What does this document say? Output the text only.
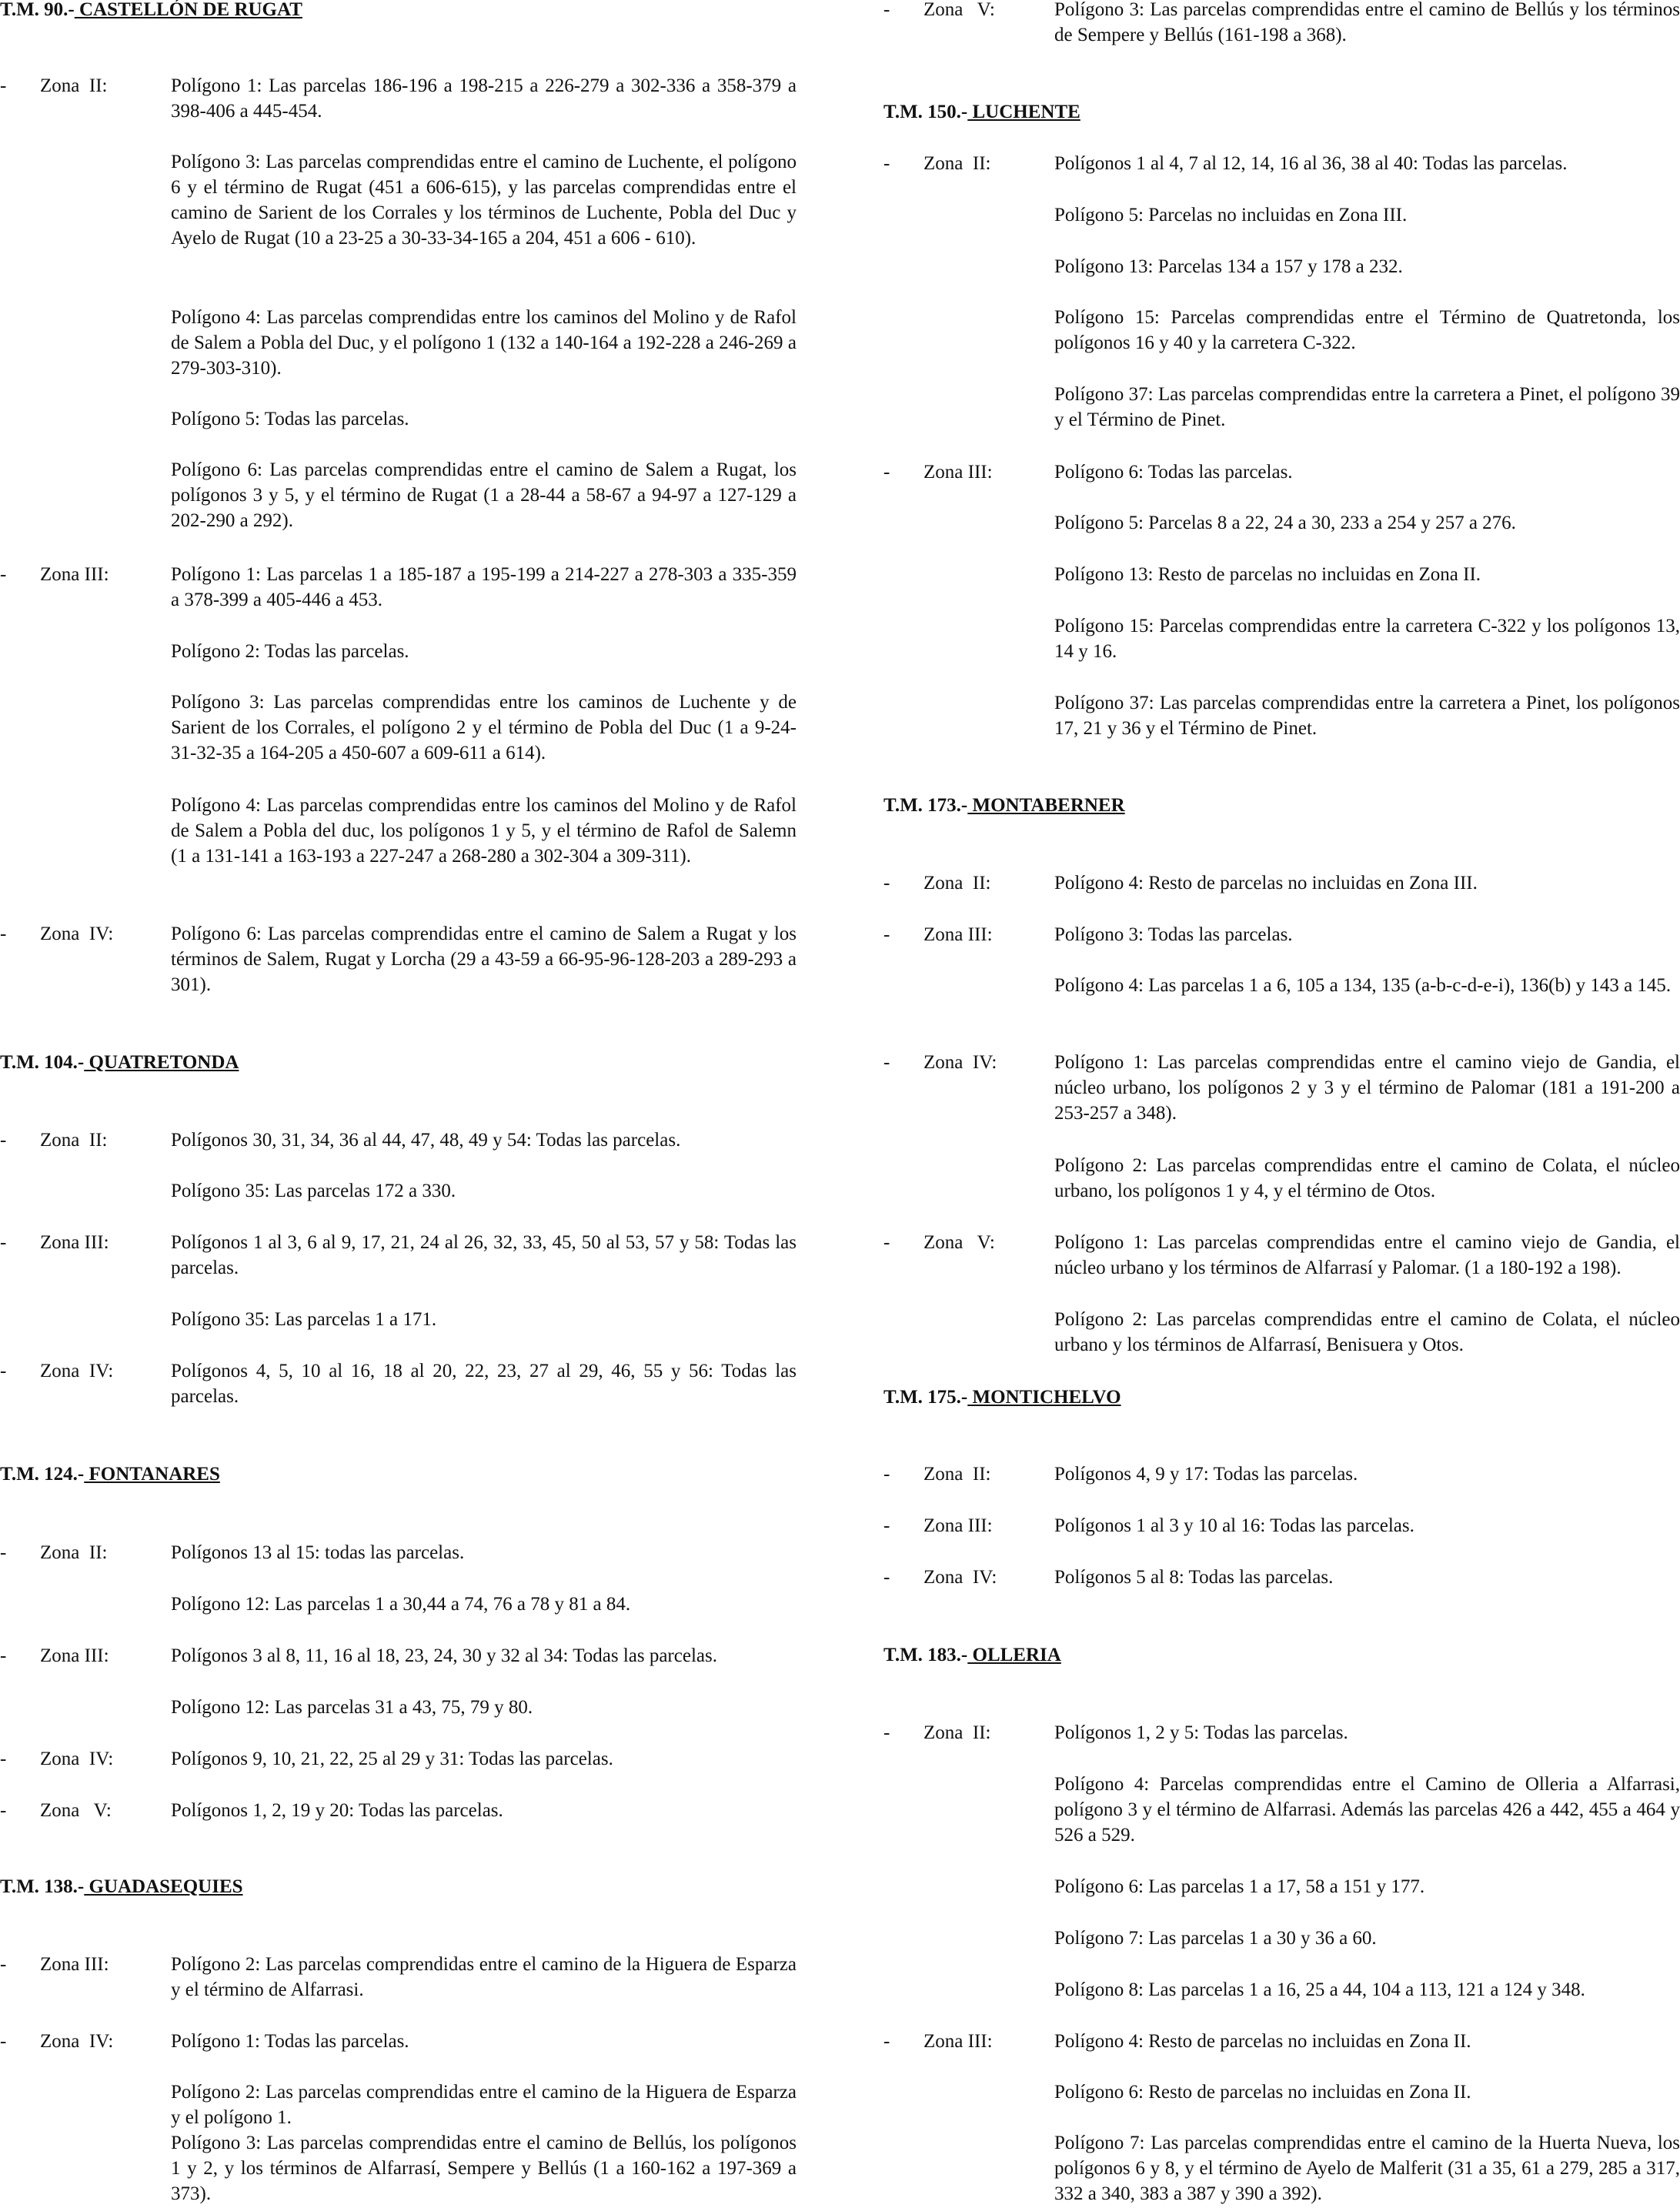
T.M. 90.- CASTELLÓN DE RUGAT
- Zona  II:	Polígono 1: Las parcelas 186-196 a 198-215 a 226-279 a 302-336 a 358-379 a 398-406 a 445-454.
Polígono 3: Las parcelas comprendidas entre el camino de Luchente, el polígono 6 y el término de Rugat (451 a 606-615), y las parcelas comprendidas entre el camino de Sarient de los Corrales y los términos de Luchente, Pobla del Duc y Ayelo de Rugat (10 a 23-25 a 30-33-34-165 a 204, 451 a 606 - 610).
Polígono 4: Las parcelas comprendidas entre los caminos del Molino y de Rafol de Salem a Pobla del Duc, y el polígono 1 (132 a 140-164 a 192-228 a 246-269 a 279-303-310).
Polígono 5: Todas las parcelas.
Polígono 6: Las parcelas comprendidas entre el camino de Salem a Rugat, los polígonos 3 y 5, y el término de Rugat (1 a 28-44 a 58-67 a 94-97 a 127-129 a 202-290 a 292).
- Zona III:	Polígono 1: Las parcelas 1 a 185-187 a 195-199 a 214-227 a 278-303 a 335-359 a 378-399 a 405-446 a 453.
Polígono 2: Todas las parcelas.
Polígono 3: Las parcelas comprendidas entre los caminos de Luchente y de Sarient de los Corrales, el polígono 2 y el término de Pobla del Duc (1 a 9-24-31-32-35 a 164-205 a 450-607 a 609-611 a 614).
Polígono 4: Las parcelas comprendidas entre los caminos del Molino y de Rafol de Salem a Pobla del duc, los polígonos 1 y 5, y el término de Rafol de Salemn (1 a 131-141 a 163-193 a 227-247 a 268-280 a 302-304 a 309-311).
- Zona  IV:	Polígono 6: Las parcelas comprendidas entre el camino de Salem a Rugat y los términos de Salem, Rugat y Lorcha (29 a 43-59 a 66-95-96-128-203 a 289-293 a 301).
T.M. 104.- QUATRETONDA
- Zona  II:	Polígonos 30, 31, 34, 36 al 44, 47, 48, 49 y 54: Todas las parcelas.
Polígono 35: Las parcelas 172 a 330.
- Zona III:	Polígonos 1 al 3, 6 al 9, 17, 21, 24 al 26, 32, 33, 45, 50 al 53, 57 y 58: Todas las parcelas.
Polígono 35: Las parcelas 1 a 171.
- Zona  IV:	Polígonos 4, 5, 10 al 16, 18 al 20, 22, 23, 27 al 29, 46, 55 y 56: Todas las parcelas.
T.M. 124.- FONTANARES
- Zona  II:	Polígonos 13 al 15: todas las parcelas.
Polígono 12: Las parcelas 1 a 30,44 a 74, 76 a 78 y 81 a 84.
- Zona III:	Polígonos 3 al 8, 11, 16 al 18, 23, 24, 30 y 32 al 34: Todas las parcelas.
Polígono 12: Las parcelas 31 a 43, 75, 79 y 80.
- Zona  IV:	Polígonos 9, 10, 21, 22, 25 al 29 y 31: Todas las parcelas.
- Zona   V:	Polígonos 1, 2, 19 y 20: Todas las parcelas.
T.M. 138.- GUADASEQUIES
- Zona III:	Polígono 2: Las parcelas comprendidas entre el camino de la Higuera de Esparza y el término de Alfarrasi.
- Zona  IV:	Polígono 1: Todas las parcelas.
Polígono 2: Las parcelas comprendidas entre el camino de la Higuera de Esparza y el polígono 1.
Polígono 3: Las parcelas comprendidas entre el camino de Bellús, los polígonos 1 y 2, y los términos de Alfarrasí, Sempere y Bellús (1 a 160-162 a 197-369 a 373).
- Zona   V:	Polígono 3: Las parcelas comprendidas entre el camino de Bellús y los términos de Sempere y Bellús (161-198 a 368).
T.M. 150.- LUCHENTE
- Zona  II:	Polígonos 1 al 4, 7 al 12, 14, 16 al 36, 38 al 40: Todas las parcelas.
Polígono 5: Parcelas no incluidas en Zona III.
Polígono 13: Parcelas 134 a 157 y 178 a 232.
Polígono 15: Parcelas comprendidas entre el Término de Quatretonda, los polígonos 16 y 40 y la carretera C-322.
Polígono 37: Las parcelas comprendidas entre la carretera a Pinet, el polígono 39 y el Término de Pinet.
- Zona III:	Polígono 6: Todas las parcelas.
Polígono 5: Parcelas 8 a 22, 24 a 30, 233 a 254 y 257 a 276.
Polígono 13: Resto de parcelas no incluidas en Zona II.
Polígono 15: Parcelas comprendidas entre la carretera C-322 y los polígonos 13, 14 y 16.
Polígono 37: Las parcelas comprendidas entre la carretera a Pinet, los polígonos 17, 21 y 36 y el Término de Pinet.
T.M. 173.- MONTABERNER
- Zona  II:	Polígono 4: Resto de parcelas no incluidas en Zona III.
- Zona III:	Polígono 3: Todas las parcelas.
Polígono 4: Las parcelas 1 a 6, 105 a 134, 135 (a-b-c-d-e-i), 136(b) y 143 a 145.
- Zona  IV:	Polígono 1: Las parcelas comprendidas entre el camino viejo de Gandia, el núcleo urbano, los polígonos 2 y 3 y el término de Palomar (181 a 191-200 a 253-257 a 348).
Polígono 2: Las parcelas comprendidas entre el camino de Colata, el núcleo urbano, los polígonos 1 y 4, y el término de Otos.
- Zona   V:	Polígono 1: Las parcelas comprendidas entre el camino viejo de Gandia, el núcleo urbano y los términos de Alfarrasí y Palomar. (1 a 180-192 a 198).
Polígono 2: Las parcelas comprendidas entre el camino de Colata, el núcleo urbano y los términos de Alfarrasí, Benisuera y Otos.
T.M. 175.- MONTICHELVO
- Zona  II:	Polígonos 4, 9 y 17: Todas las parcelas.
- Zona III:	Polígonos 1 al 3 y 10 al 16: Todas las parcelas.
- Zona  IV:	Polígonos 5 al 8: Todas las parcelas.
T.M. 183.- OLLERIA
- Zona  II:	Polígonos 1, 2 y 5: Todas las parcelas.
Polígono 4: Parcelas comprendidas entre el Camino de Olleria a Alfarrasi, polígono 3 y el término de Alfarrasi. Además las parcelas 426 a 442, 455 a 464 y 526 a 529.
Polígono 6: Las parcelas 1 a 17, 58 a 151 y 177.
Polígono 7: Las parcelas 1 a 30 y 36 a 60.
Polígono 8: Las parcelas 1 a 16, 25 a 44, 104 a 113, 121 a 124 y 348.
- Zona III:	Polígono 4: Resto de parcelas no incluidas en Zona II.
Polígono 6: Resto de parcelas no incluidas en Zona II.
Polígono 7: Las parcelas comprendidas entre el camino de la Huerta Nueva, los polígonos 6 y 8, y el término de Ayelo de Malferit (31 a 35, 61 a 279, 285 a 317, 332 a 340, 383 a 387 y 390 a 392).
